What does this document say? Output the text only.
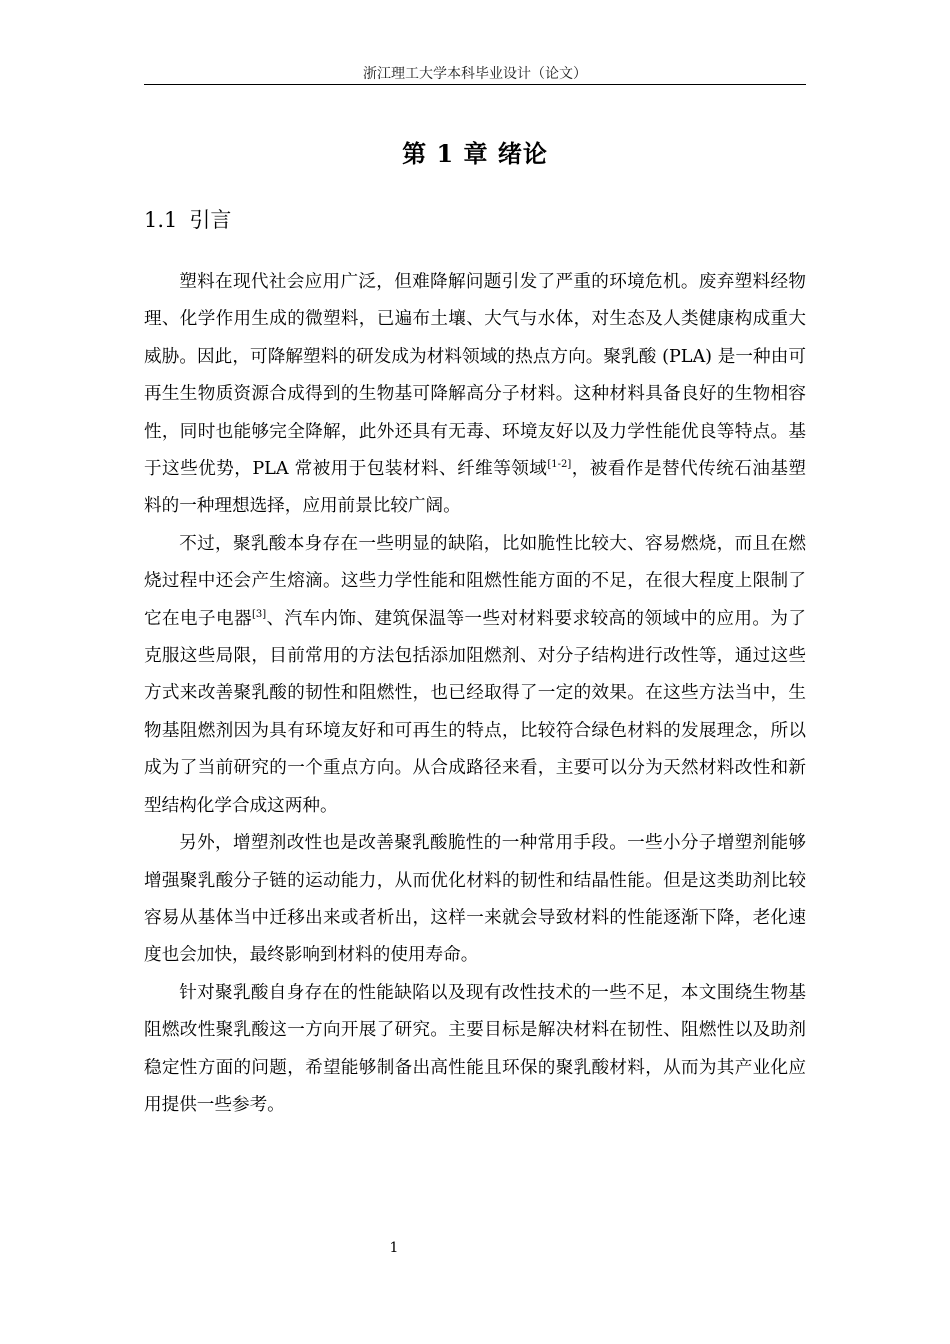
浙江理工大学本科毕业设计（论文）
第 1 章 绪论
1.1 引言

塑料在现代社会应用广泛，但难降解问题引发了严重的环境危机。废弃塑料经物理、化学作用生成的微塑料，已遍布土壤、大气与水体，对生态及人类健康构成重大威胁。因此，可降解塑料的研发成为材料领域的热点方向。聚乳酸 (PLA) 是一种由可再生生物质资源合成得到的生物基可降解高分子材料。这种材料具备良好的生物相容性，同时也能够完全降解，此外还具有无毒、环境友好以及力学性能优良等特点。基于这些优势，PLA 常被用于包装材料、纤维等领域[1-2]，被看作是替代传统石油基塑料的一种理想选择，应用前景比较广阔。

不过，聚乳酸本身存在一些明显的缺陷，比如脆性比较大、容易燃烧，而且在燃烧过程中还会产生熔滴。这些力学性能和阻燃性能方面的不足，在很大程度上限制了它在电子电器[3]、汽车内饰、建筑保温等一些对材料要求较高的领域中的应用。为了克服这些局限，目前常用的方法包括添加阻燃剂、对分子结构进行改性等，通过这些方式来改善聚乳酸的韧性和阻燃性，也已经取得了一定的效果。在这些方法当中，生物基阻燃剂因为具有环境友好和可再生的特点，比较符合绿色材料的发展理念，所以成为了当前研究的一个重点方向。从合成路径来看，主要可以分为天然材料改性和新型结构化学合成这两种。

另外，增塑剂改性也是改善聚乳酸脆性的一种常用手段。一些小分子增塑剂能够增强聚乳酸分子链的运动能力，从而优化材料的韧性和结晶性能。但是这类助剂比较容易从基体当中迁移出来或者析出，这样一来就会导致材料的性能逐渐下降，老化速度也会加快，最终影响到材料的使用寿命。

针对聚乳酸自身存在的性能缺陷以及现有改性技术的一些不足，本文围绕生物基阻燃改性聚乳酸这一方向开展了研究。主要目标是解决材料在韧性、阻燃性以及助剂稳定性方面的问题，希望能够制备出高性能且环保的聚乳酸材料，从而为其产业化应用提供一些参考。

1
